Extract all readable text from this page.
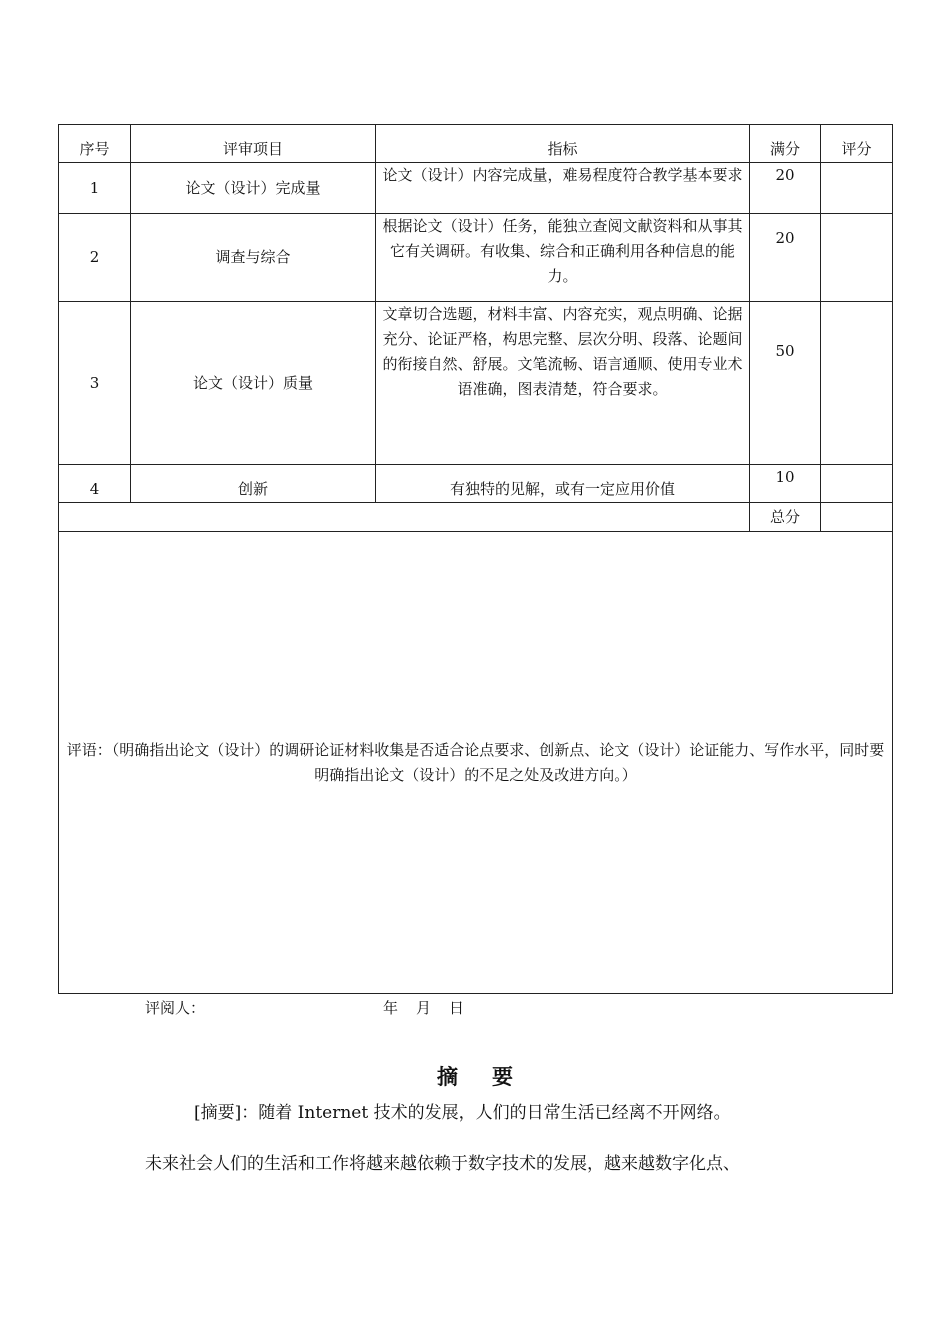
序号	评审项目	指标	满分	评分
1	论文（设计）完成量	论文（设计）内容完成量，难易程度符合教学基本要求	20	
2	调查与综合	根据论文（设计）任务，能独立查阅文献资料和从事其它有关调研。有收集、综合和正确利用各种信息的能力。	20	
3	论文（设计）质量	文章切合选题，材料丰富、内容充实，观点明确、论据充分、论证严格，构思完整、层次分明、段落、论题间的衔接自然、舒展。文笔流畅、语言通顺、使用专业术语准确，图表清楚，符合要求。	50	
4	创新	有独特的见解，或有一定应用价值	10	
			总分	
评语：（明确指出论文（设计）的调研论证材料收集是否适合论点要求、创新点、论文（设计）论证能力、写作水平，同时要明确指出论文（设计）的不足之处及改进方向。）				
评阅人：	年 月 日
摘 要
[摘要]：随着 Internet 技术的发展，人们的日常生活已经离不开网络。
未来社会人们的生活和工作将越来越依赖于数字技术的发展，越来越数字化点、
